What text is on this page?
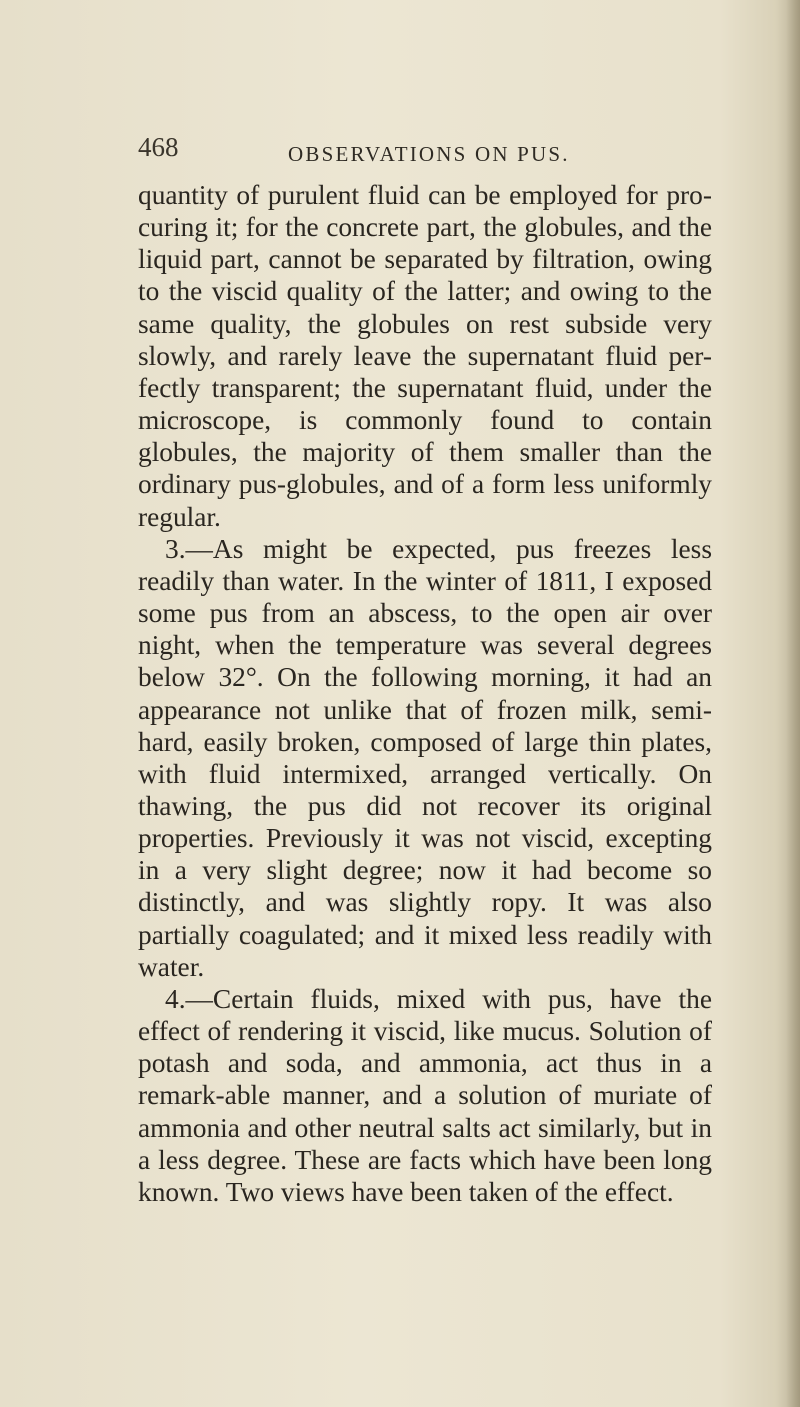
468	OBSERVATIONS ON PUS.

quantity of purulent fluid can be employed for pro-curing it; for the concrete part, the globules, and the liquid part, cannot be separated by filtration, owing to the viscid quality of the latter; and owing to the same quality, the globules on rest subside very slowly, and rarely leave the supernatant fluid per-fectly transparent; the supernatant fluid, under the microscope, is commonly found to contain globules, the majority of them smaller than the ordinary pus-globules, and of a form less uniformly regular.

3.—As might be expected, pus freezes less readily than water. In the winter of 1811, I exposed some pus from an abscess, to the open air over night, when the temperature was several degrees below 32°. On the following morning, it had an appearance not unlike that of frozen milk, semi-hard, easily broken, composed of large thin plates, with fluid intermixed, arranged vertically. On thawing, the pus did not recover its original properties. Previously it was not viscid, excepting in a very slight degree; now it had become so distinctly, and was slightly ropy. It was also partially coagulated; and it mixed less readily with water.

4.—Certain fluids, mixed with pus, have the effect of rendering it viscid, like mucus. Solution of potash and soda, and ammonia, act thus in a remark-able manner, and a solution of muriate of ammonia and other neutral salts act similarly, but in a less degree. These are facts which have been long known. Two views have been taken of the effect.
